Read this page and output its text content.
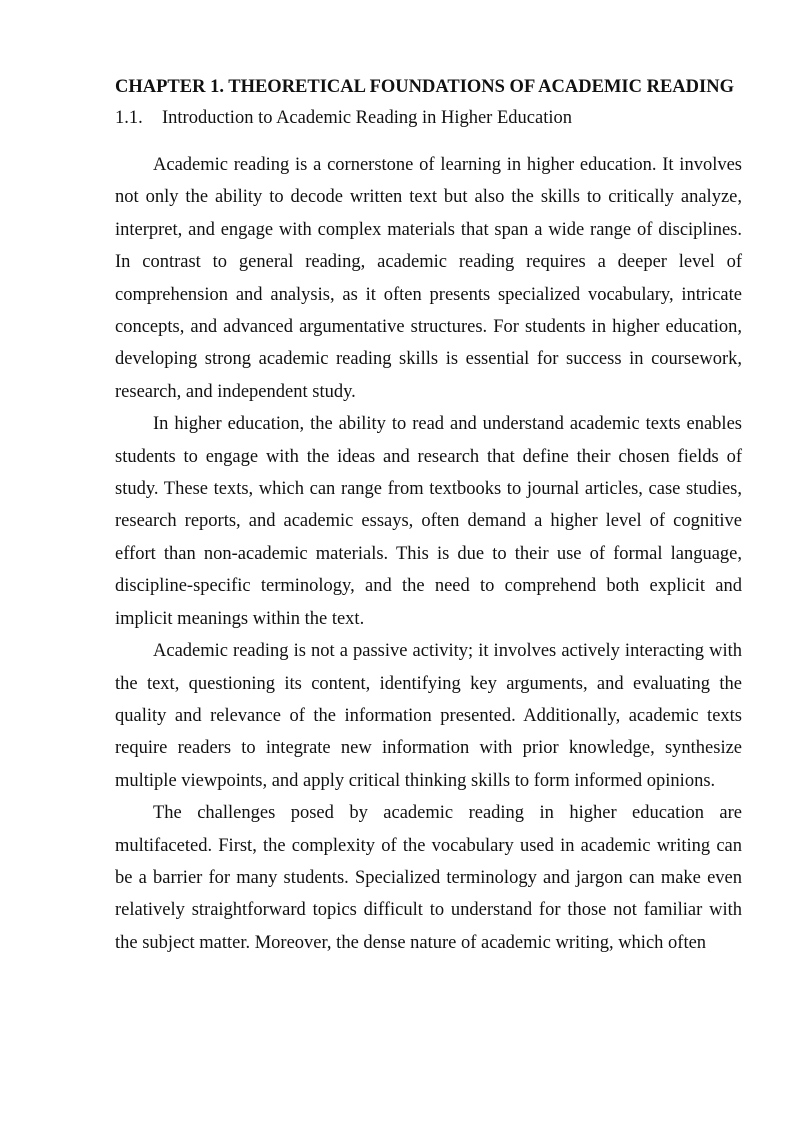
CHAPTER 1. THEORETICAL FOUNDATIONS OF ACADEMIC READING
1.1.	Introduction to Academic Reading in Higher Education

Academic reading is a cornerstone of learning in higher education. It involves not only the ability to decode written text but also the skills to critically analyze, interpret, and engage with complex materials that span a wide range of disciplines. In contrast to general reading, academic reading requires a deeper level of comprehension and analysis, as it often presents specialized vocabulary, intricate concepts, and advanced argumentative structures. For students in higher education, developing strong academic reading skills is essential for success in coursework, research, and independent study.

In higher education, the ability to read and understand academic texts enables students to engage with the ideas and research that define their chosen fields of study. These texts, which can range from textbooks to journal articles, case studies, research reports, and academic essays, often demand a higher level of cognitive effort than non-academic materials. This is due to their use of formal language, discipline-specific terminology, and the need to comprehend both explicit and implicit meanings within the text.

Academic reading is not a passive activity; it involves actively interacting with the text, questioning its content, identifying key arguments, and evaluating the quality and relevance of the information presented. Additionally, academic texts require readers to integrate new information with prior knowledge, synthesize multiple viewpoints, and apply critical thinking skills to form informed opinions.

The challenges posed by academic reading in higher education are multifaceted. First, the complexity of the vocabulary used in academic writing can be a barrier for many students. Specialized terminology and jargon can make even relatively straightforward topics difficult to understand for those not familiar with the subject matter. Moreover, the dense nature of academic writing, which often
